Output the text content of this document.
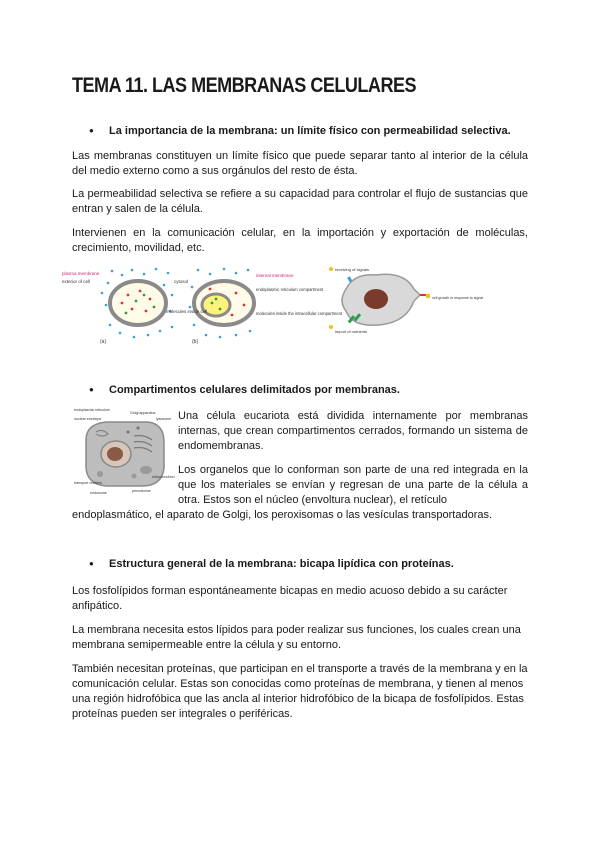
TEMA 11. LAS MEMBRANAS CELULARES
● La importancia de la membrana: un límite físico con permeabilidad selectiva.
Las membranas constituyen un límite físico que puede separar tanto al interior de la célula del medio externo como a sus orgánulos del resto de ésta.
La permeabilidad selectiva se refiere a su capacidad para controlar el flujo de sustancias que entran y salen de la célula.
Intervienen en la comunicación celular, en la importación y exportación de moléculas, crecimiento, movilidad, etc.
plasma membrane
exterior of cell	cytosol
molecules inside cell
(a)
internal membrane
endoplasmic reticulum compartment
molecules inside the intracellular compartment
(b)
receiving of signals
cell growth in response to signal
import of nutrients
● Compartimentos celulares delimitados por membranas.
endoplasmic reticulum
Golgi apparatus
nuclear envelope	lysosome
mitochondrion
peroxisome
transport vesicles
endosome
Una célula eucariota está dividida internamente por membranas internas, que crean compartimentos cerrados, formando un sistema de endomembranas.
Los organelos que lo conforman son parte de una red integrada en la que los materiales se envían y regresan de una parte de la célula a otra. Estos son el núcleo (envoltura nuclear), el retículo
endoplasmático, el aparato de Golgi, los peroxisomas o las vesículas transportadoras.
● Estructura general de la membrana: bicapa lipídica con proteínas.
Los fosfolípidos forman espontáneamente bicapas en medio acuoso debido a su carácter anfipático.
La membrana necesita estos lípidos para poder realizar sus funciones, los cuales crean una membrana semipermeable entre la célula y su entorno.
También necesitan proteínas, que participan en el transporte a través de la membrana y en la comunicación celular. Estas son conocidas como proteínas de membrana, y tienen al menos una región hidrofóbica que las ancla al interior hidrofóbico de la bicapa de fosfolípidos. Estas proteínas pueden ser integrales o periféricas.
